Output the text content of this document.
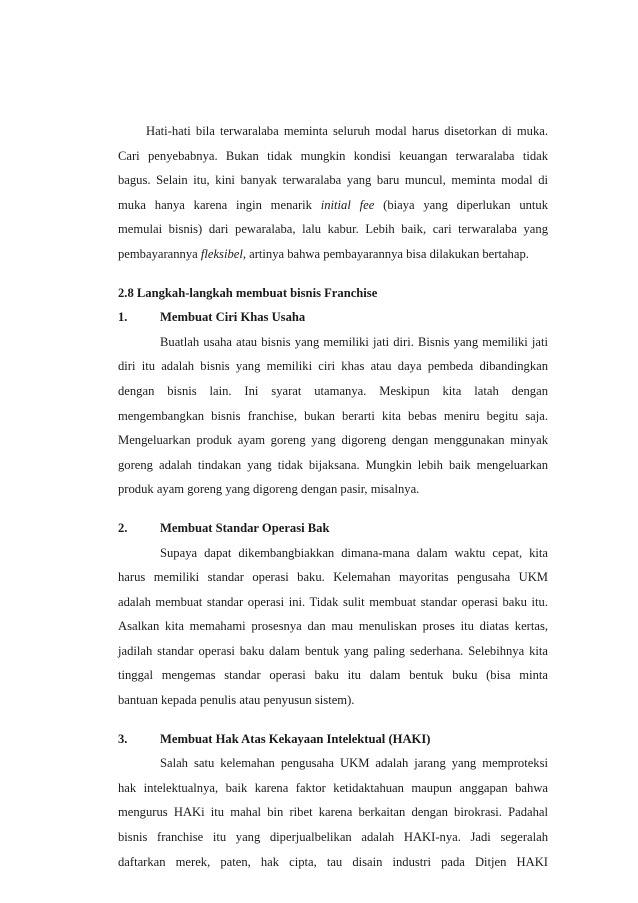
Hati-hati bila terwaralaba meminta seluruh modal harus disetorkan di muka.
Cari penyebabnya. Bukan tidak mungkin kondisi keuangan terwaralaba tidak
bagus. Selain itu, kini banyak terwaralaba yang baru muncul, meminta modal di
muka hanya karena ingin menarik initial fee (biaya yang diperlukan untuk
memulai bisnis) dari pewaralaba, lalu kabur. Lebih baik, cari terwaralaba yang
pembayarannya fleksibel, artinya bahwa pembayarannya bisa dilakukan bertahap.
2.8 Langkah-langkah membuat bisnis Franchise
1.	Membuat Ciri Khas Usaha
Buatlah usaha atau bisnis yang memiliki jati diri. Bisnis yang memiliki jati
diri itu adalah bisnis yang memiliki ciri khas atau daya pembeda dibandingkan
dengan bisnis lain. Ini syarat utamanya. Meskipun kita latah dengan
mengembangkan bisnis franchise, bukan berarti kita bebas meniru begitu saja.
Mengeluarkan produk ayam goreng yang digoreng dengan menggunakan minyak
goreng adalah tindakan yang tidak bijaksana. Mungkin lebih baik mengeluarkan
produk ayam goreng yang digoreng dengan pasir, misalnya.
2.	Membuat Standar Operasi Bak
Supaya dapat dikembangbiakkan dimana-mana dalam waktu cepat, kita
harus memiliki standar operasi baku. Kelemahan mayoritas pengusaha UKM
adalah membuat standar operasi ini. Tidak sulit membuat standar operasi baku itu.
Asalkan kita memahami prosesnya dan mau menuliskan proses itu diatas kertas,
jadilah standar operasi baku dalam bentuk yang paling sederhana. Selebihnya kita
tinggal mengemas standar operasi baku itu dalam bentuk buku (bisa minta
bantuan kepada penulis atau penyusun sistem).
3.	Membuat Hak Atas Kekayaan Intelektual (HAKI)
Salah satu kelemahan pengusaha UKM adalah jarang yang memproteksi
hak intelektualnya, baik karena faktor ketidaktahuan maupun anggapan bahwa
mengurus HAKi itu mahal bin ribet karena berkaitan dengan birokrasi. Padahal
bisnis franchise itu yang diperjualbelikan adalah HAKI-nya. Jadi segeralah
daftarkan merek, paten, hak cipta, tau disain industri pada Ditjen HAKI
